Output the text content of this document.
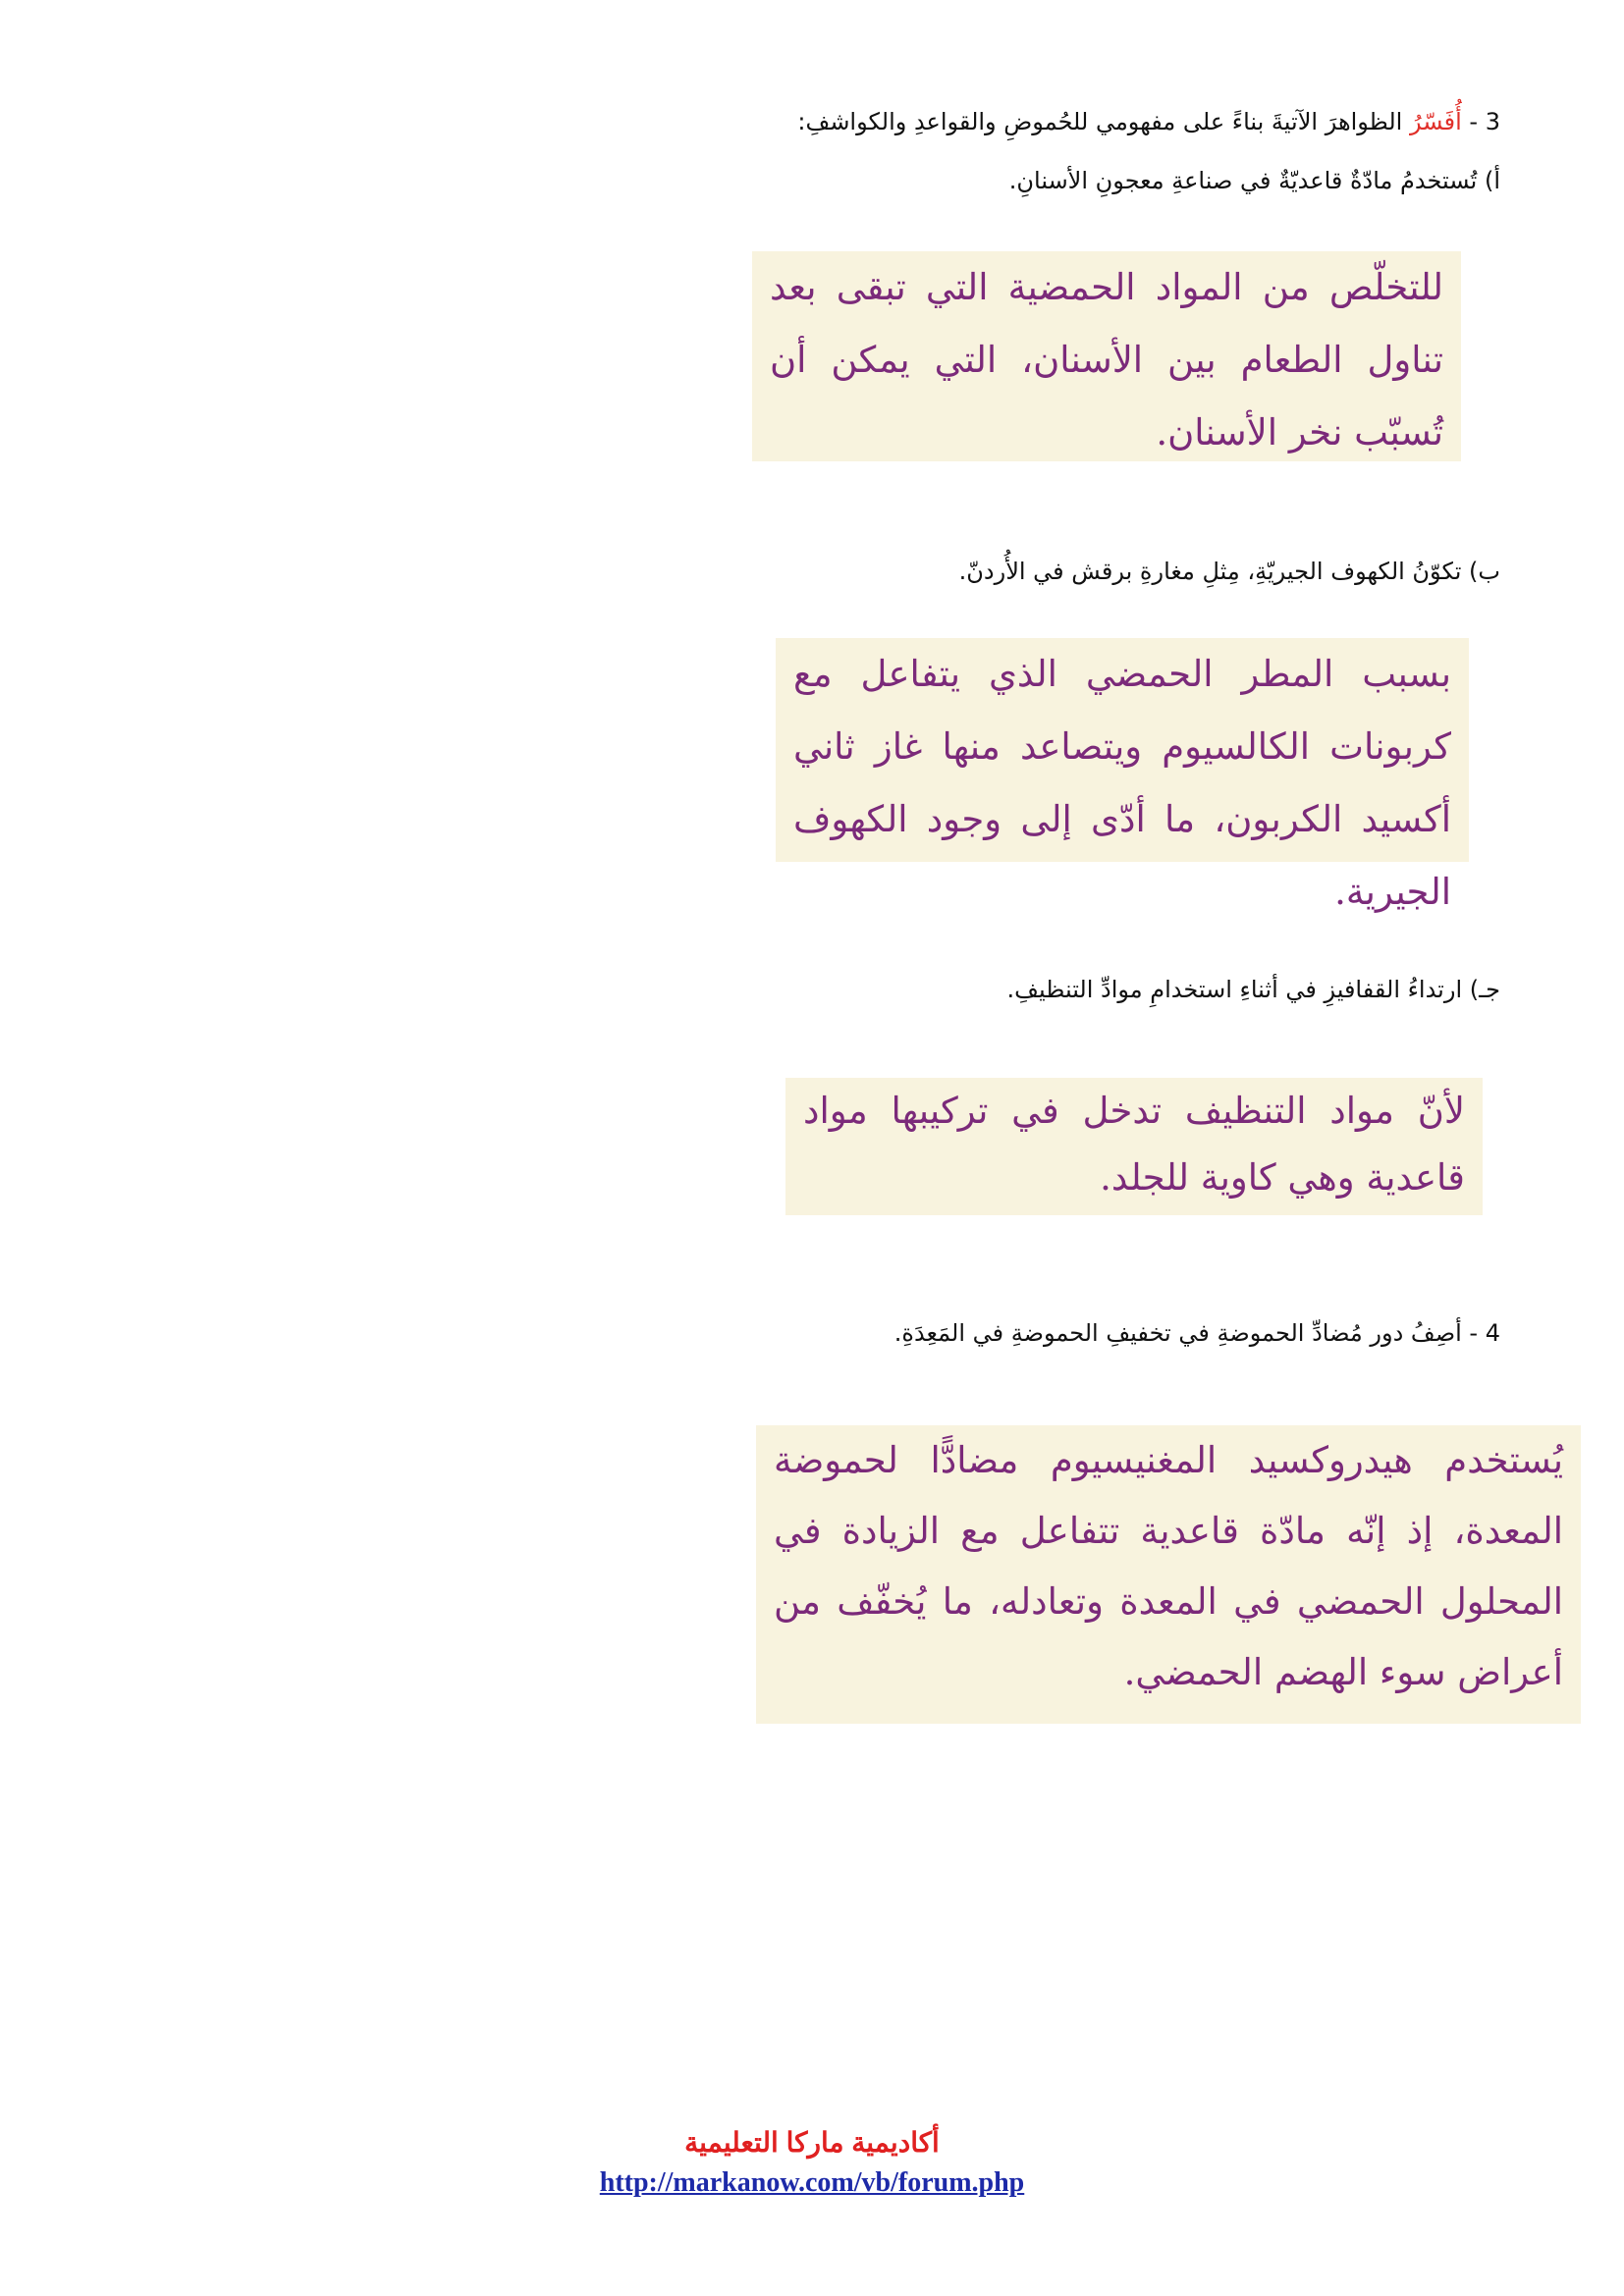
3 - أُفَسّرُ الظواهرَ الآتيةَ بناءً على مفهومي للحُموضِ والقواعدِ والكواشفِ:
أ) تُستخدمُ مادّةٌ قاعديّةٌ في صناعةِ معجونِ الأسنانِ.
للتخلّص من المواد الحمضية التي تبقى بعد تناول الطعام بين الأسنان، التي يمكن أن تُسبّب نخر الأسنان.
ب) تكوّنُ الكهوف الجيريّةِ، مِثلِ مغارةِ برقش في الأُردنّ.
بسبب المطر الحمضي الذي يتفاعل مع كربونات الكالسيوم ويتصاعد منها غاز ثاني أكسيد الكربون، ما أدّى إلى وجود الكهوف الجيرية.
جـ) ارتداءُ القفافيزِ في أثناءِ استخدامِ موادِّ التنظيفِ.
لأنّ مواد التنظيف تدخل في تركيبها مواد قاعدية وهي كاوية للجلد.
4 - أصِفُ دور مُضادِّ الحموضةِ في تخفيفِ الحموضةِ في المَعِدَةِ.
يُستخدم هيدروكسيد المغنيسيوم مضادًّا لحموضة المعدة، إذ إنّه مادّة قاعدية تتفاعل مع الزيادة في المحلول الحمضي في المعدة وتعادله، ما يُخفّف من أعراض سوء الهضم الحمضي.
أكاديمية ماركا التعليمية
http://markanow.com/vb/forum.php
